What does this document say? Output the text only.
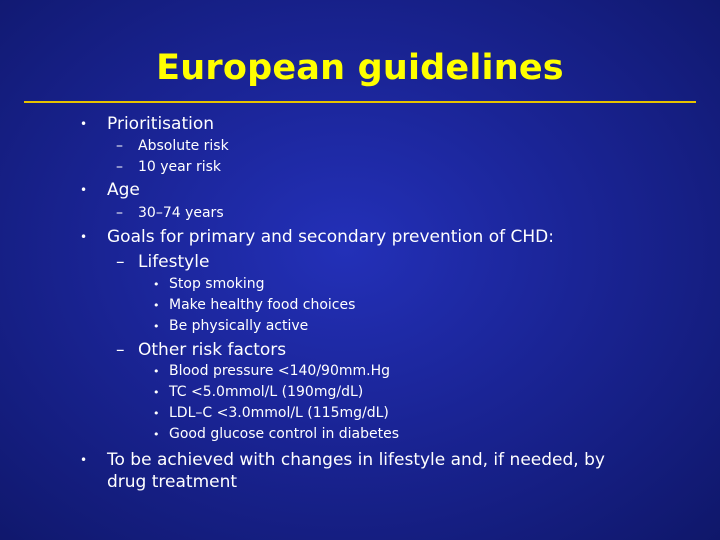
European guidelines
• Prioritisation
– Absolute risk
– 10 year risk
• Age
– 30–74 years
• Goals for primary and secondary prevention of CHD:
– Lifestyle
• Stop smoking
• Make healthy food choices
• Be physically active
– Other risk factors
• Blood pressure <140/90mm.Hg
• TC <5.0mmol/L (190mg/dL)
• LDL–C <3.0mmol/L (115mg/dL)
• Good glucose control in diabetes
• To be achieved with changes in lifestyle and, if needed, by
drug treatment
